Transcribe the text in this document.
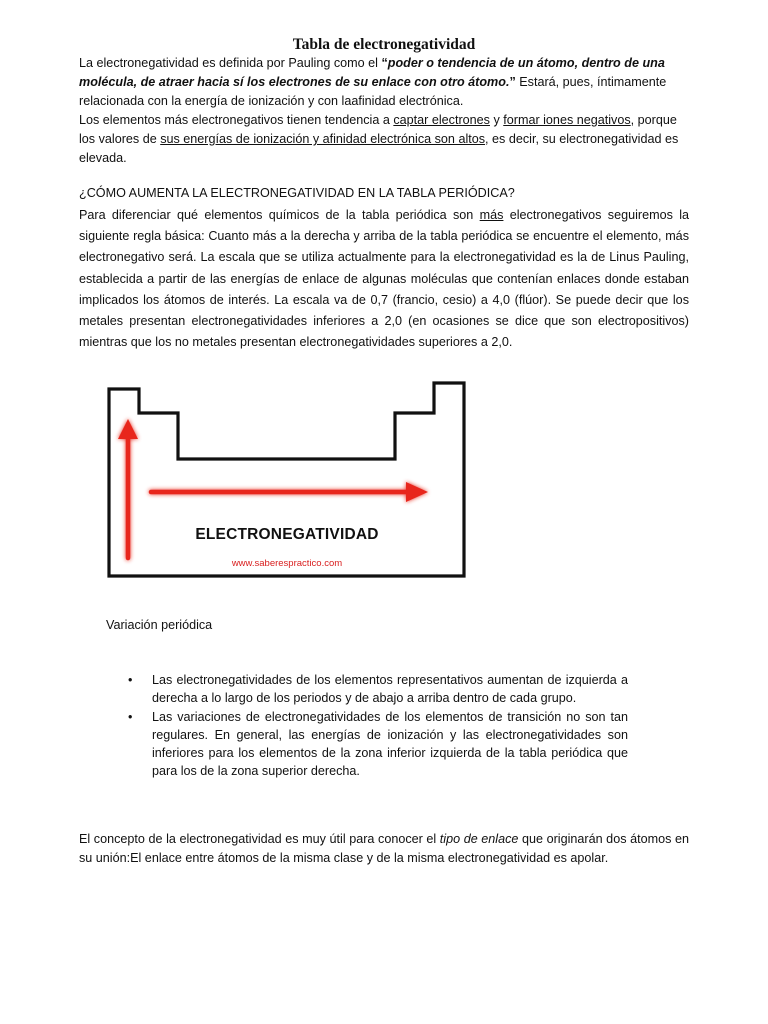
Tabla de electronegatividad

La electronegatividad es definida por Pauling como el “poder o tendencia de un átomo, dentro de una molécula, de atraer hacia sí los electrones de su enlace con otro átomo.” Estará, pues, íntimamente relacionada con la energía de ionización y con laafinidad electrónica.

Los elementos más electronegativos tienen tendencia a captar electrones y formar iones negativos, porque los valores de sus energías de ionización y afinidad electrónica son altos, es decir, su electronegatividad es elevada.

¿CÓMO AUMENTA LA ELECTRONEGATIVIDAD EN LA TABLA PERIÓDICA?

Para diferenciar qué elementos químicos de la tabla periódica son más electronegativos seguiremos la siguiente regla básica: Cuanto más a la derecha y arriba de la tabla periódica se encuentre el elemento, más electronegativo será. La escala que se utiliza actualmente para la electronegatividad es la de Linus Pauling, establecida a partir de las energías de enlace de algunas moléculas que contenían enlaces donde estaban implicados los átomos de interés. La escala va de 0,7 (francio, cesio) a 4,0 (flúor). Se puede decir que los metales presentan electronegatividades inferiores a 2,0 (en ocasiones se dice que son electropositivos) mientras que los no metales presentan electronegatividades superiores a 2,0.

ELECTRONEGATIVIDAD

www.saberespractico.com

Variación periódica

•	Las electronegatividades de los elementos representativos aumentan de izquierda a derecha a lo largo de los periodos y de abajo a arriba dentro de cada grupo.
•	Las variaciones de electronegatividades de los elementos de transición no son tan regulares. En general, las energías de ionización y las electronegatividades son inferiores para los elementos de la zona inferior izquierda de la tabla periódica que para los de la zona superior derecha.

El concepto de la electronegatividad es muy útil para conocer el tipo de enlace que originarán dos átomos en su unión:El enlace entre átomos de la misma clase y de la misma electronegatividad es apolar.
